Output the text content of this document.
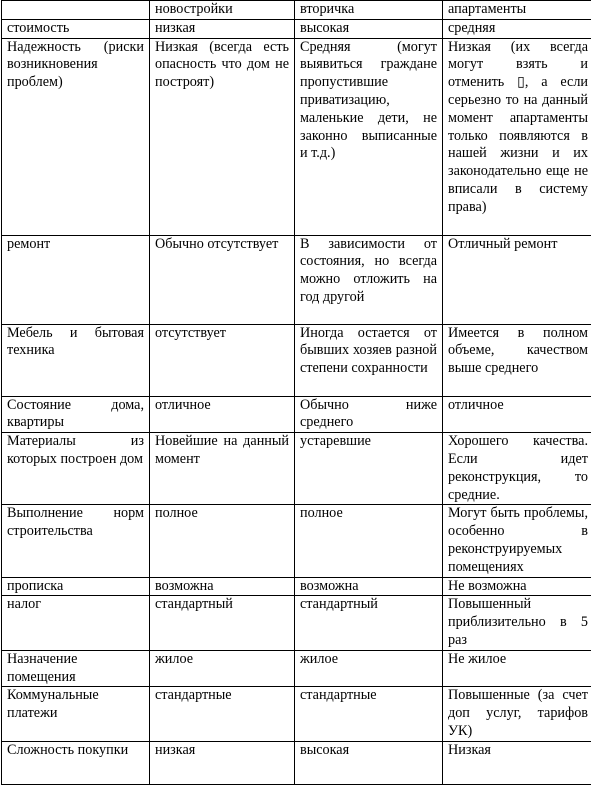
	новостройки	вторичка	апартаменты
стоимость	низкая	высокая	средняя
Надежность (риски возникновения проблем)	Низкая (всегда есть опасность что дом не построят)	Средняя (могут выявиться граждане пропустившие приватизацию, маленькие дети, не законно выписанные и т.д.)	Низкая (их всегда могут взять и отменить ▯, а если серьезно то на данный момент апартаменты только появляются в нашей жизни и их законодательно еще не вписали в систему права)
ремонт	Обычно отсутствует	В зависимости от состояния, но всегда можно отложить на год другой	Отличный ремонт
Мебель и бытовая техника	отсутствует	Иногда остается от бывших хозяев разной степени сохранности	Имеется в полном объеме, качеством выше среднего
Состояние дома, квартиры	отличное	Обычно ниже среднего	отличное
Материалы из которых построен дом	Новейшие на данный момент	устаревшие	Хорошего качества. Если идет реконструкция, то средние.
Выполнение норм строительства	полное	полное	Могут быть проблемы, особенно в реконструируемых помещениях
прописка	возможна	возможна	Не возможна
налог	стандартный	стандартный	Повышенный приблизительно в 5 раз
Назначение помещения	жилое	жилое	Не жилое
Коммунальные платежи	стандартные	стандартные	Повышенные (за счет доп услуг, тарифов УК)
Сложность покупки	низкая	высокая	Низкая
